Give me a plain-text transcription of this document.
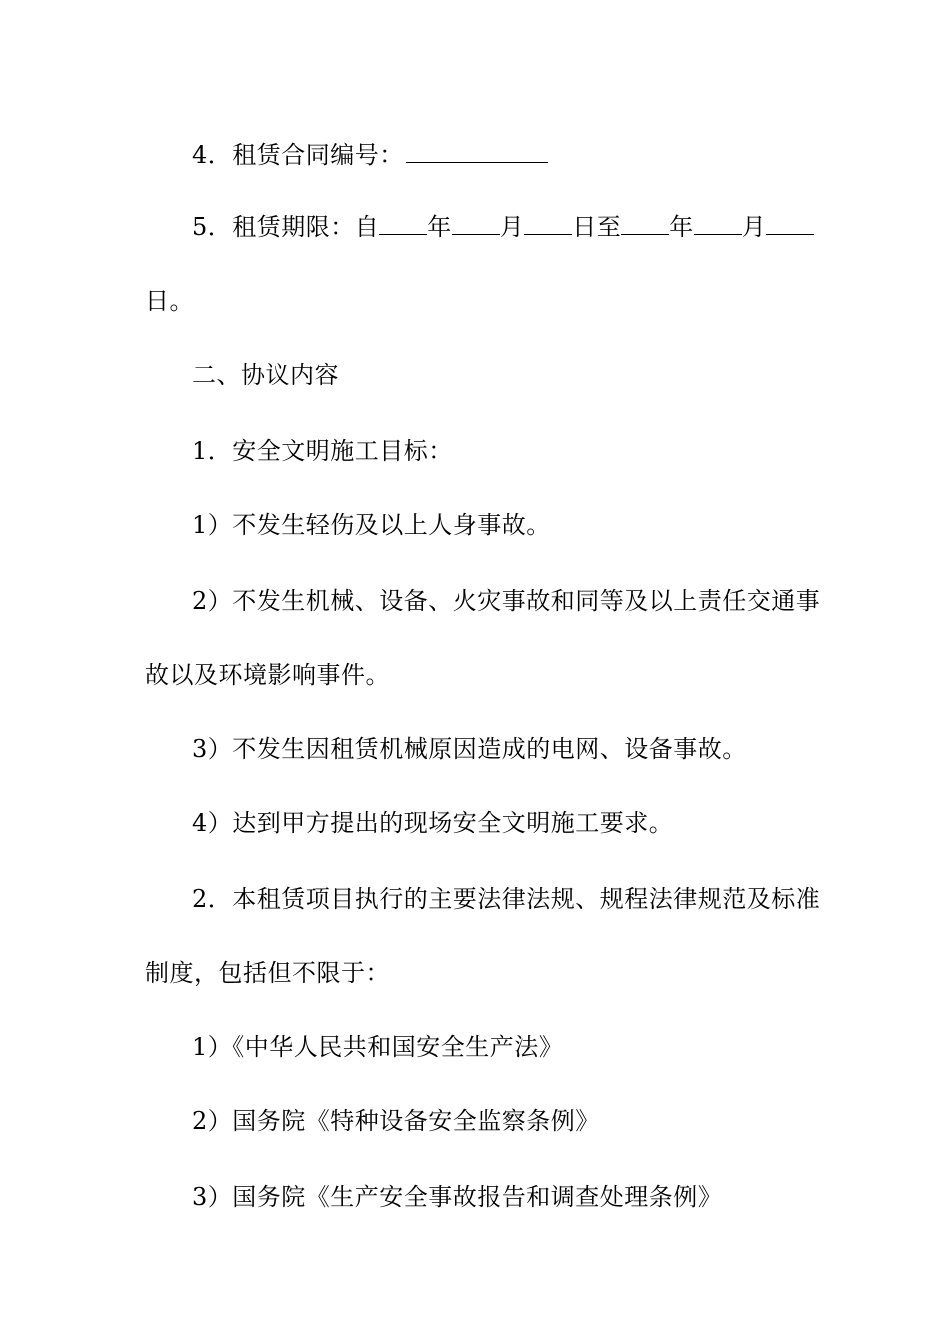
4．租赁合同编号：
5．租赁期限：自 年 月 日至 年 月
日。
二、协议内容
1．安全文明施工目标：
1）不发生轻伤及以上人身事故。
2）不发生机械、设备、火灾事故和同等及以上责任交通事
故以及环境影响事件。
3）不发生因租赁机械原因造成的电网、设备事故。
4）达到甲方提出的现场安全文明施工要求。
2．本租赁项目执行的主要法律法规、规程法律规范及标准
制度，包括但不限于：
1）《中华人民共和国安全生产法》
2）国务院《特种设备安全监察条例》
3）国务院《生产安全事故报告和调查处理条例》
